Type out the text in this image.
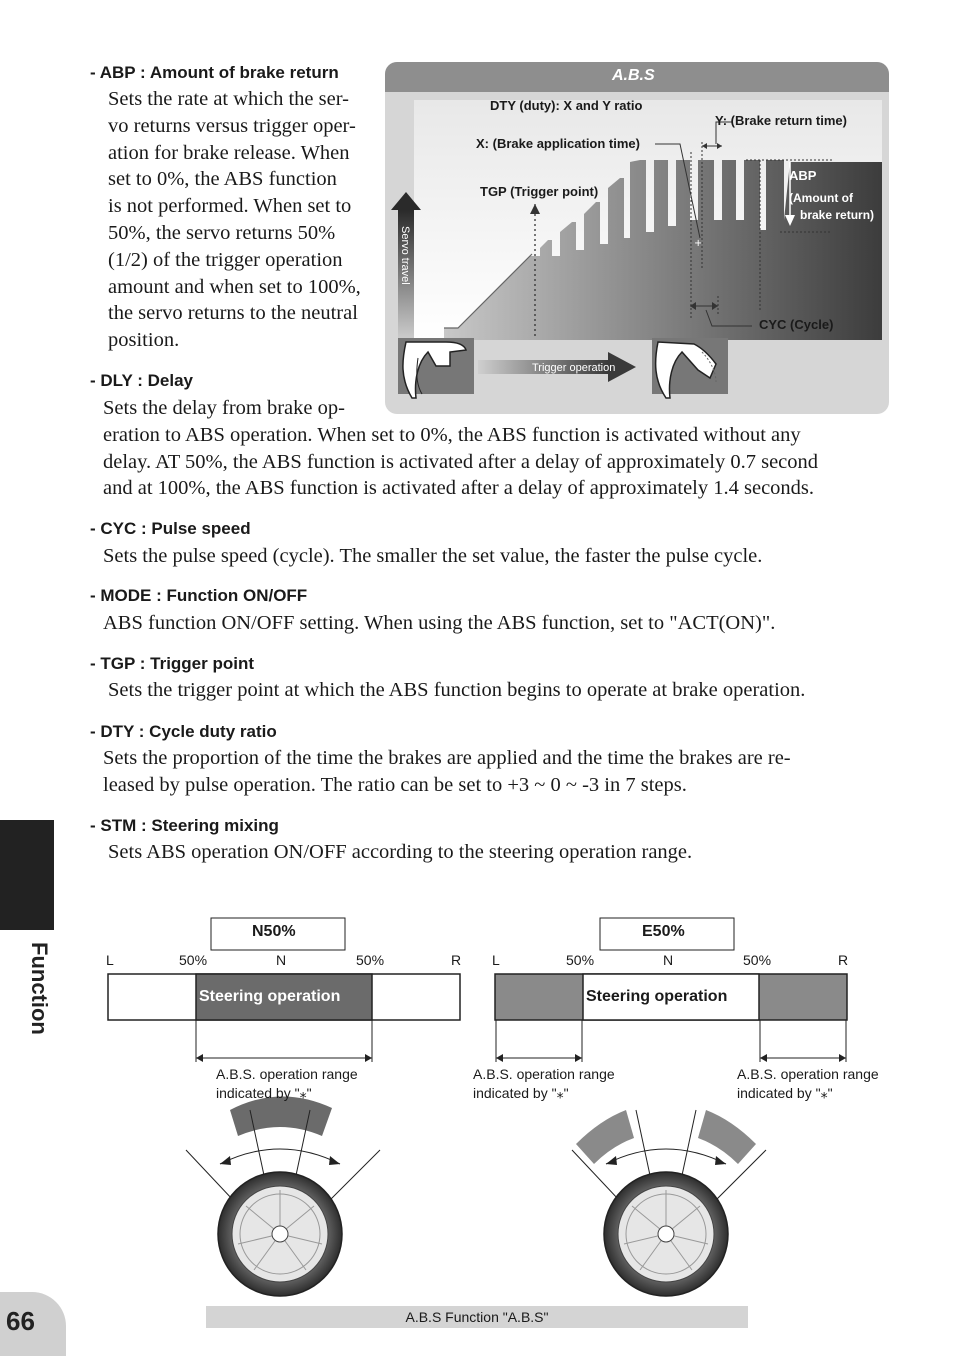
- ABP : Amount of brake return
Sets the rate at which the ser-
vo returns versus trigger oper-
ation for brake release. When
set to 0%, the ABS function
is not performed. When set to
50%, the servo returns 50%
(1/2) of the trigger operation
amount and when set to 100%,
the servo returns to the neutral
position.
- DLY : Delay
Sets the delay from brake op-
eration to ABS operation. When set to 0%, the ABS function is activated without any
delay. AT 50%, the ABS function is activated after a delay of approximately 0.7 second
and at 100%, the ABS function is activated after a delay of approximately 1.4 seconds.
- CYC : Pulse speed
Sets the pulse speed (cycle). The smaller the set value, the faster the pulse cycle.
- MODE : Function ON/OFF
ABS function ON/OFF setting. When using the ABS function, set to "ACT(ON)".
- TGP : Trigger point
Sets the trigger point at which the ABS function begins to operate at brake operation.
- DTY : Cycle duty ratio
Sets the proportion of the time the brakes are applied and the time the brakes are re-
leased by pulse operation. The ratio can be set to +3 ~ 0 ~ -3 in 7 steps.
- STM : Steering mixing
Sets ABS operation ON/OFF according to the steering operation range.
Servo travel	+
Trigger operation
A.B.S
DTY (duty): X and Y ratio
Y: (Brake return time)
X: (Brake application time)
TGP (Trigger point)
ABP
(Amount of
brake return)
CYC (Cycle)
N50%
L	50%	N	50%	R
Steering operation
A.B.S. operation range
indicated by "⁎"
E50%
L	50%	N	50%	R
Steering operation
A.B.S. operation range
indicated by "⁎"
A.B.S. operation range
indicated by "⁎"
Function
66	A.B.S Function "A.B.S"
